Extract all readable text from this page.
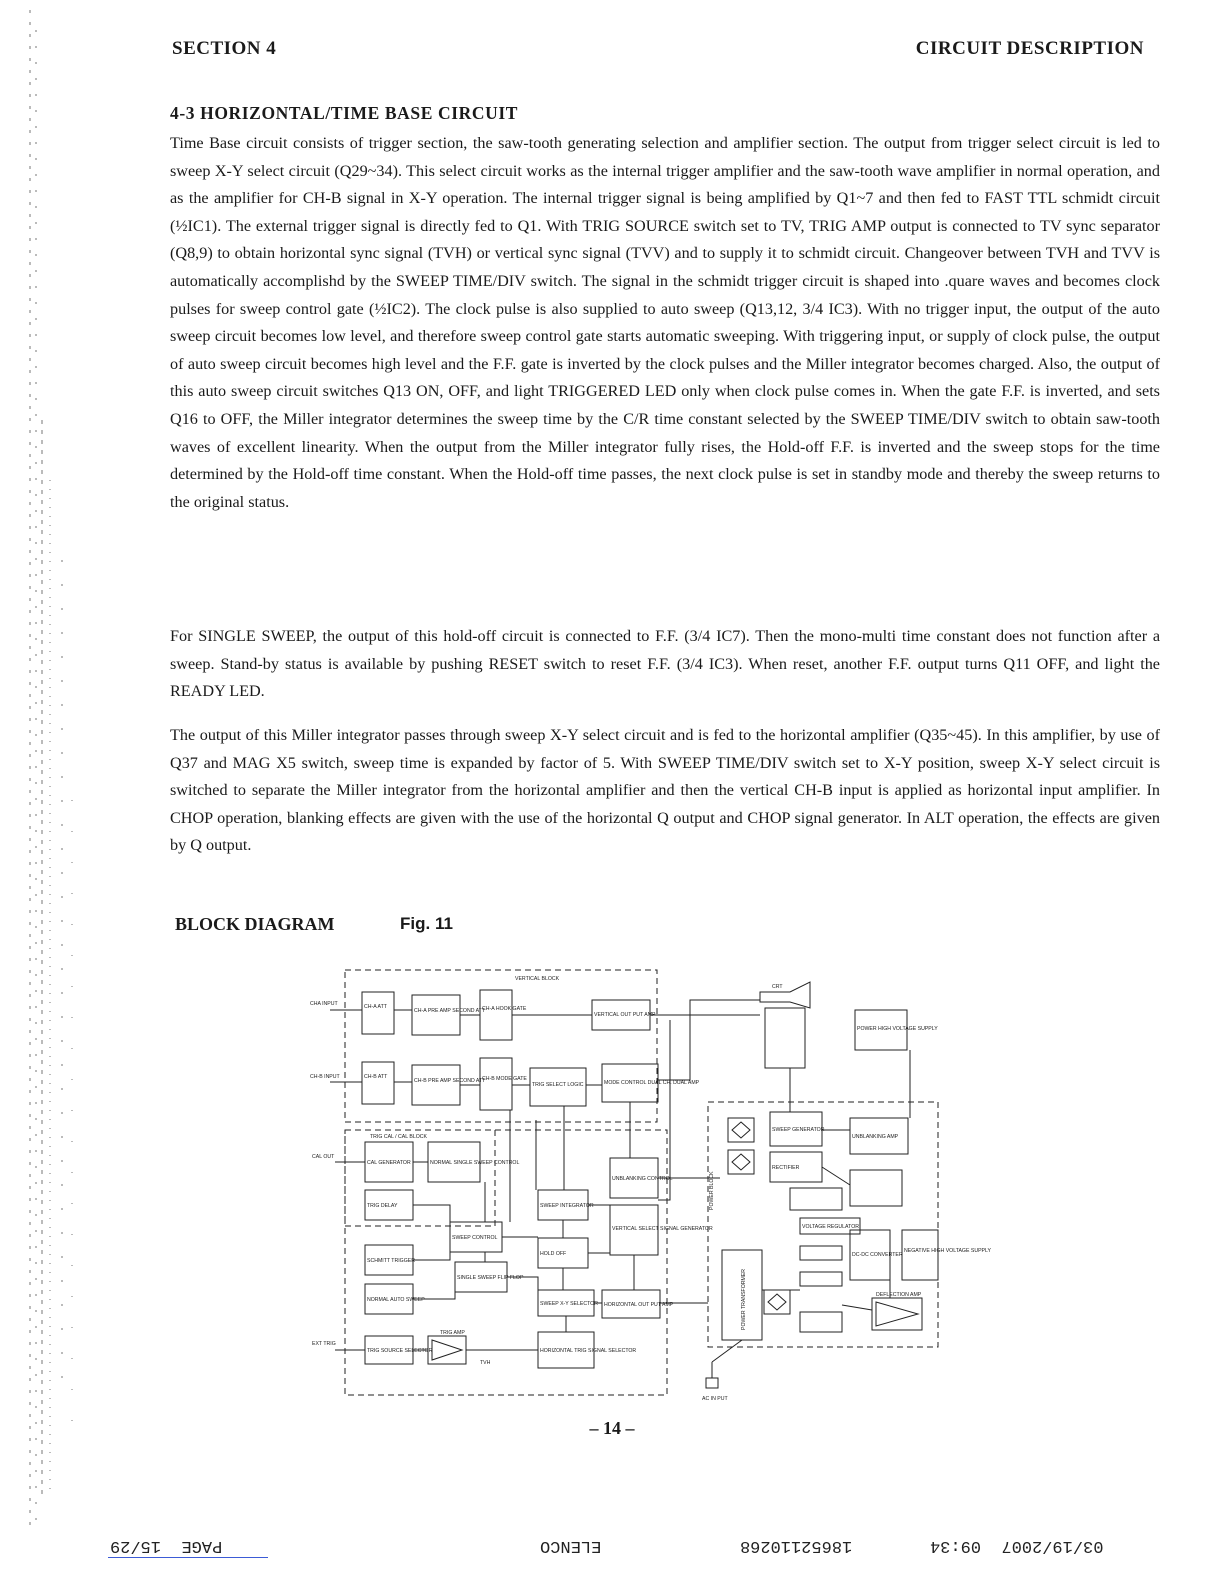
SECTION 4	CIRCUIT DESCRIPTION
4-3 HORIZONTAL/TIME BASE CIRCUIT

Time Base circuit consists of trigger section, the saw-tooth generating selection and amplifier section. The output from trigger select circuit is led to sweep X-Y select circuit (Q29~34). This select circuit works as the internal trigger amplifier and the saw-tooth wave amplifier in normal operation, and as the amplifier for CH-B signal in X-Y operation. The internal trigger signal is being amplified by Q1~7 and then fed to FAST TTL schmidt circuit (½IC1). The external trigger signal is directly fed to Q1. With TRIG SOURCE switch set to TV, TRIG AMP output is connected to TV sync separator (Q8,9) to obtain horizontal sync signal (TVH) or vertical sync signal (TVV) and to supply it to schmidt circuit. Changeover between TVH and TVV is automatically accomplishd by the SWEEP TIME/DIV switch. The signal in the schmidt trigger circuit is shaped into .quare waves and becomes clock pulses for sweep control gate (½IC2). The clock pulse is also supplied to auto sweep (Q13,12, 3/4 IC3). With no trigger input, the output of the auto sweep circuit becomes low level, and therefore sweep control gate starts automatic sweeping. With triggering input, or supply of clock pulse, the output of auto sweep circuit becomes high level and the F.F. gate is inverted by the clock pulses and the Miller integrator becomes charged. Also, the output of this auto sweep circuit switches Q13 ON, OFF, and light TRIGGERED LED only when clock pulse comes in. When the gate F.F. is inverted, and sets Q16 to OFF, the Miller integrator determines the sweep time by the C/R time constant selected by the SWEEP TIME/DIV switch to obtain saw-tooth waves of excellent linearity. When the output from the Miller integrator fully rises, the Hold-off F.F. is inverted and the sweep stops for the time determined by the Hold-off time constant. When the Hold-off time passes, the next clock pulse is set in standby mode and thereby the sweep returns to the original status.

For SINGLE SWEEP, the output of this hold-off circuit is connected to F.F. (3/4 IC7). Then the mono-multi time constant does not function after a sweep. Stand-by status is available by pushing RESET switch to reset F.F. (3/4 IC3). When reset, another F.F. output turns Q11 OFF, and light the READY LED.

The output of this Miller integrator passes through sweep X-Y select circuit and is fed to the horizontal amplifier (Q35~45). In this amplifier, by use of Q37 and MAG X5 switch, sweep time is expanded by factor of 5. With SWEEP TIME/DIV switch set to X-Y position, sweep X-Y select circuit is switched to separate the Miller integrator from the horizontal amplifier and then the vertical CH-B input is applied as horizontal input amplifier. In CHOP operation, blanking effects are given with the use of the horizontal Q output and CHOP signal generator. In ALT operation, the effects are given by Q output.

BLOCK DIAGRAM	Fig. 11
VERTICAL BLOCK
TRIG CAL / CAL BLOCK
POWER BLOCK
CHA INPUT
CH-B INPUT
CAL OUT
EXT TRIG
CH-A ATT
CH-A PRE AMP SECOND ATT
CH-A HOOK GATE
CH-B ATT
CH-B PRE AMP SECOND ATT
CH-B MODE GATE
VERTICAL OUT PUT AMP
TRIG SELECT LOGIC	MODE CONTROL DUAL CH. DUAL AMP
CRT
POWER HIGH VOLTAGE SUPPLY
CAL GENERATOR	NORMAL SINGLE SWEEP CONTROL
TRIG DELAY
UNBLANKING CONTROL
SWEEP INTEGRATOR
VERTICAL SELECT SIGNAL GENERATOR
SWEEP CONTROL
SCHMITT TRIGGER
HOLD OFF
SINGLE SWEEP FLIP FLOP
NORMAL AUTO SWEEP
SWEEP X-Y SELECTOR HORIZONTAL OUT PUT AMP
TRIG SOURCE SELECTOR
TRIG AMP
TVH
HORIZONTAL TRIG SIGNAL SELECTOR
SWEEP GENERATOR
UNBLANKING AMP
RECTIFIER
VOLTAGE REGULATOR
DC-DC CONVERTER
NEGATIVE HIGH VOLTAGE SUPPLY
POWER TRANSFORMER
AC IN PUT
DEFLECTION AMP
– 14 –
03/19/2007  09:34
18652110268
ELENCO
PAGE  15/29
